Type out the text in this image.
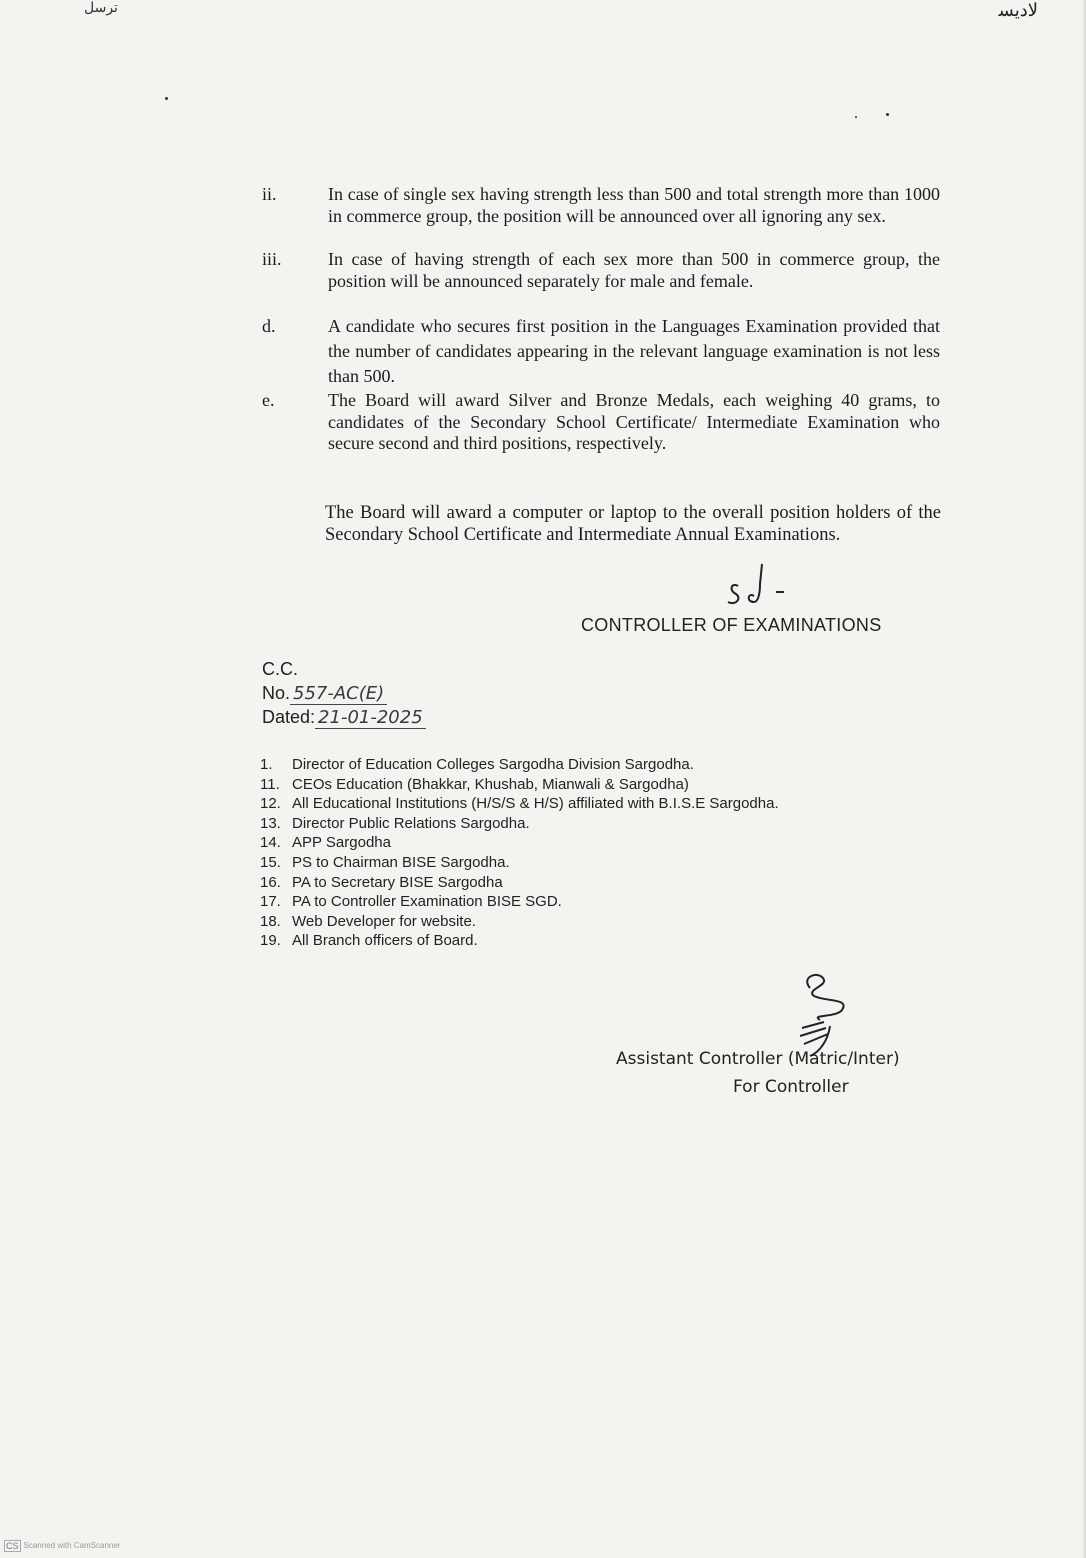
ترسل	ﻻﺩﻳﺴ
ii.	In case of single sex having strength less than 500 and total strength more than 1000 in commerce group, the position will be announced over all ignoring any sex.
iii.	In case of having strength of each sex more than 500 in commerce group, the position will be announced separately for male and female.
d.	A candidate who secures first position in the Languages Examination provided that the number of candidates appearing in the relevant language examination is not less than 500.
e.	The Board will award Silver and Bronze Medals, each weighing 40 grams, to candidates of the Secondary School Certificate/ Intermediate Examination who secure second and third positions, respectively.
The Board will award a computer or laptop to the overall position holders of the Secondary School Certificate and Intermediate Annual Examinations.
CONTROLLER OF EXAMINATIONS
C.C.
No. 557-AC(E)
Dated: 21-01-2025
1. Director of Education Colleges Sargodha Division Sargodha.
11. CEOs Education (Bhakkar, Khushab, Mianwali & Sargodha)
12. All Educational Institutions (H/S/S & H/S) affiliated with B.I.S.E Sargodha.
13. Director Public Relations Sargodha.
14. APP Sargodha
15. PS to Chairman BISE Sargodha.
16. PA to Secretary BISE Sargodha
17. PA to Controller Examination BISE SGD.
18. Web Developer for website.
19. All Branch officers of Board.
Assistant Controller (Matric/Inter)
For Controller
CS Scanned with CamScanner
